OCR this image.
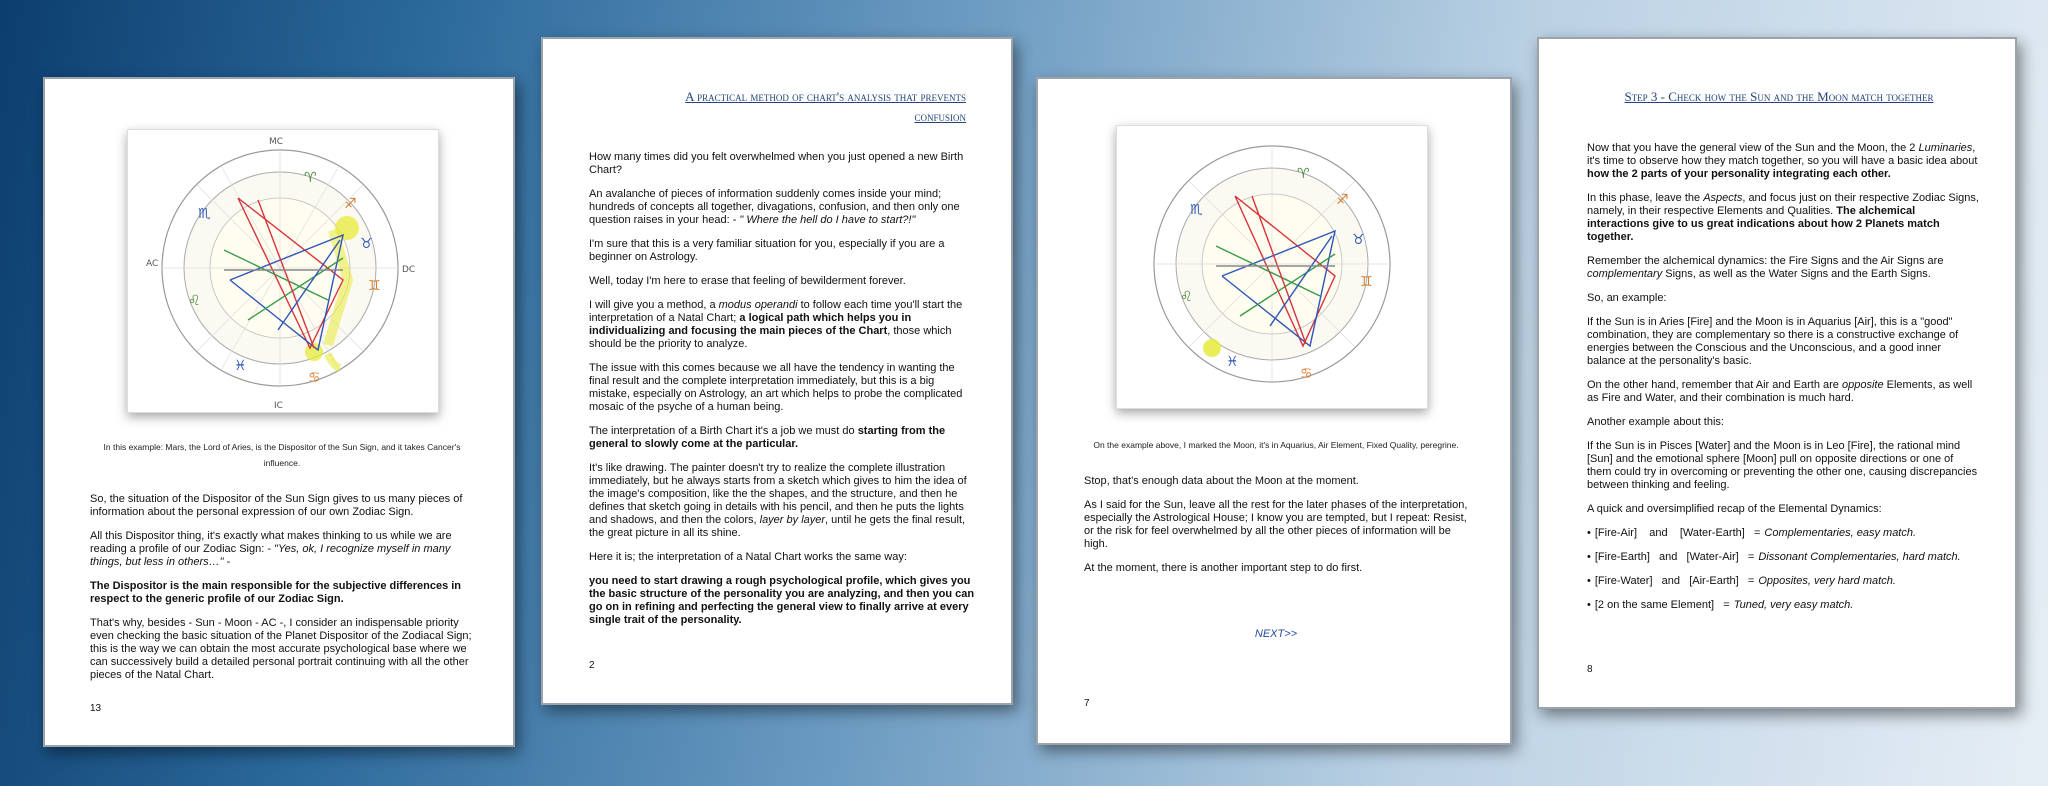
MC
IC
AC
DC
♈
♉
♊
♌
♏
♋
♓
♐
In this example: Mars, the Lord of Aries, is the Dispositor of the Sun Sign, and it takes Cancer's influence.

So, the situation of the Dispositor of the Sun Sign gives to us many pieces of information about the personal expression of our own Zodiac Sign.

All this Dispositor thing, it's exactly what makes thinking to us while we are reading a profile of our Zodiac Sign: - "Yes, ok, I recognize myself in many things, but less in others…" -

The Dispositor is the main responsible for the subjective differences in respect to the generic profile of our Zodiac Sign.

That's why, besides - Sun - Moon - AC -, I consider an indispensable priority even checking the basic situation of the Planet Dispositor of the Zodiacal Sign; this is the way we can obtain the most accurate psychological base where we can successively build a detailed personal portrait continuing with all the other pieces of the Natal Chart.

13
A practical method of chart's analysis that prevents confusion

How many times did you felt overwhelmed when you just opened a new Birth Chart?

An avalanche of pieces of information suddenly comes inside your mind; hundreds of concepts all together, divagations, confusion, and then only one question raises in your head: - " Where the hell do I have to start?!"

I'm sure that this is a very familiar situation for you, especially if you are a beginner on Astrology.

Well, today I'm here to erase that feeling of bewilderment forever.

I will give you a method, a modus operandi to follow each time you'll start the interpretation of a Natal Chart; a logical path which helps you in individualizing and focusing the main pieces of the Chart, those which should be the priority to analyze.

The issue with this comes because we all have the tendency in wanting the final result and the complete interpretation immediately, but this is a big mistake, especially on Astrology, an art which helps to probe the complicated mosaic of the psyche of a human being.

The interpretation of a Birth Chart it's a job we must do starting from the general to slowly come at the particular.

It's like drawing. The painter doesn't try to realize the complete illustration immediately, but he always starts from a sketch which gives to him the idea of the image's composition, like the the shapes, and the structure, and then he defines that sketch going in details with his pencil, and then he puts the lights and shadows, and then the colors, layer by layer, until he gets the final result, the great picture in all its shine.

Here it is; the interpretation of a Natal Chart works the same way:

you need to start drawing a rough psychological profile, which gives you the basic structure of the personality you are analyzing, and then you can go on in refining and perfecting the general view to finally arrive at every single trait of the personality.

2
♈
♉
♊
♌
♏
♋
♓
♐
On the example above, I marked the Moon, it's in Aquarius, Air Element, Fixed Quality, peregrine.

Stop, that's enough data about the Moon at the moment.

As I said for the Sun, leave all the rest for the later phases of the interpretation, especially the Astrological House; I know you are tempted, but I repeat: Resist, or the risk for feel overwhelmed by all the other pieces of information will be high.

At the moment, there is another important step to do first.

NEXT>>
7
Step 3 - Check how the Sun and the Moon match together

Now that you have the general view of the Sun and the Moon, the 2 Luminaries, it's time to observe how they match together, so you will have a basic idea about how the 2 parts of your personality integrating each other.

In this phase, leave the Aspects, and focus just on their respective Zodiac Signs, namely, in their respective Elements and Qualities. The alchemical interactions give to us great indications about how 2 Planets match together.

Remember the alchemical dynamics: the Fire Signs and the Air Signs are complementary Signs, as well as the Water Signs and the Earth Signs.

So, an example:

If the Sun is in Aries [Fire] and the Moon is in Aquarius [Air], this is a "good" combination, they are complementary so there is a constructive exchange of energies between the Conscious and the Unconscious, and a good inner balance at the personality's basic.

On the other hand, remember that Air and Earth are opposite Elements, as well as Fire and Water, and their combination is much hard.

Another example about this:

If the Sun is in Pisces [Water] and the Moon is in Leo [Fire], the rational mind [Sun] and the emotional sphere [Moon] pull on opposite directions or one of them could try in overcoming or preventing the other one, causing discrepancies between thinking and feeling.

A quick and oversimplified recap of the Elemental Dynamics:

• [Fire-Air]    and    [Water-Earth]   = Complementaries, easy match.

• [Fire-Earth]   and   [Water-Air]   = Dissonant Complementaries, hard match.

• [Fire-Water]   and   [Air-Earth]   = Opposites, very hard match.

• [2 on the same Element]   = Tuned, very easy match.

8
